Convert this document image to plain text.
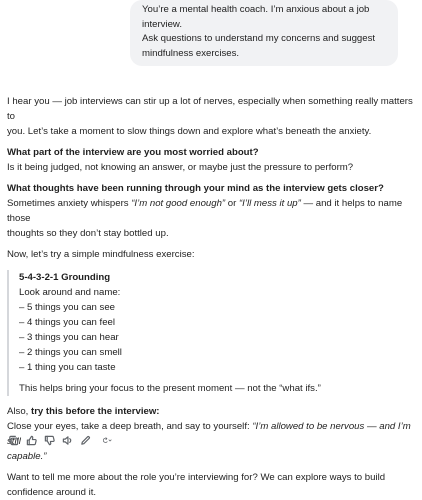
You’re a mental health coach. I’m anxious about a job interview.
Ask questions to understand my concerns and suggest
mindfulness exercises.

I hear you — job interviews can stir up a lot of nerves, especially when something really matters to
you. Let’s take a moment to slow things down and explore what’s beneath the anxiety.

What part of the interview are you most worried about?

Is it being judged, not knowing an answer, or maybe just the pressure to perform?

What thoughts have been running through your mind as the interview gets closer?

Sometimes anxiety whispers “I’m not good enough” or “I’ll mess it up” — and it helps to name those
thoughts so they don’t stay bottled up.

Now, let’s try a simple mindfulness exercise:

5-4-3-2-1 Grounding

Look around and name:

– 5 things you can see

– 4 things you can feel

– 3 things you can hear

– 2 things you can smell

– 1 thing you can taste

This helps bring your focus to the present moment — not the “what ifs.”

Also, try this before the interview:
Close your eyes, take a deep breath, and say to yourself: “I’m allowed to be nervous — and I’m still
capable.”

Want to tell me more about the role you’re interviewing for? We can explore ways to build
confidence around it.
